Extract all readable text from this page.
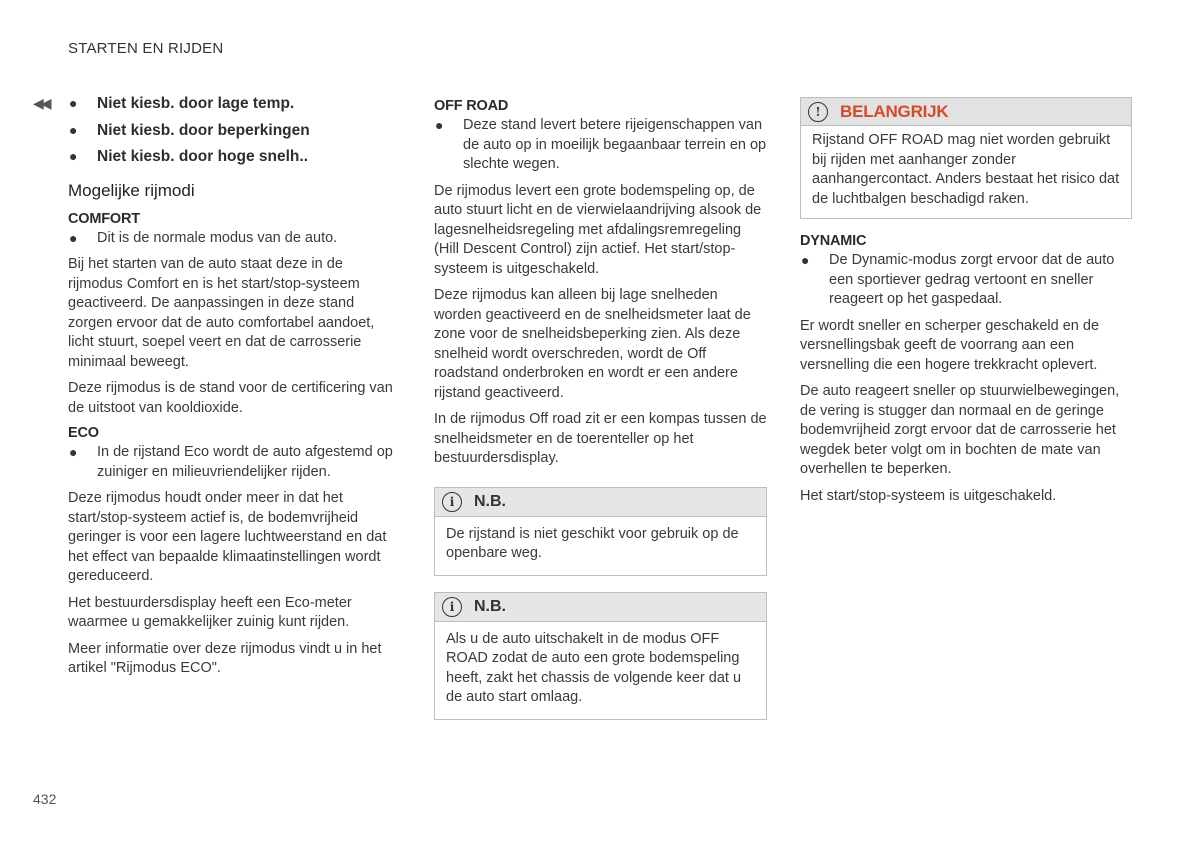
STARTEN EN RIJDEN
◀◀ ●	Niet kiesb. door lage temp.
●	Niet kiesb. door beperkingen
●	Niet kiesb. door hoge snelh..
Mogelijke rijmodi
COMFORT
●	Dit is de normale modus van de auto.

Bij het starten van de auto staat deze in de rijmodus Comfort en is het start/stop-systeem geactiveerd. De aanpassingen in deze stand zorgen ervoor dat de auto comfortabel aandoet, licht stuurt, soepel veert en dat de carrosserie minimaal beweegt.

Deze rijmodus is de stand voor de certificering van de uitstoot van kooldioxide.

ECO
●	In de rijstand Eco wordt de auto afgestemd op zuiniger en milieuvriendelijker rijden.

Deze rijmodus houdt onder meer in dat het start/stop-systeem actief is, de bodemvrijheid geringer is voor een lagere luchtweerstand en dat het effect van bepaalde klimaatinstellingen wordt gereduceerd.

Het bestuurdersdisplay heeft een Eco-meter waarmee u gemakkelijker zuinig kunt rijden.

Meer informatie over deze rijmodus vindt u in het artikel "Rijmodus ECO".

OFF ROAD
●	Deze stand levert betere rijeigenschappen van de auto op in moeilijk begaanbaar terrein en op slechte wegen.

De rijmodus levert een grote bodemspeling op, de auto stuurt licht en de vierwielaandrijving alsook de lagesnelheidsregeling met afdalingsremregeling (Hill Descent Control) zijn actief. Het start/stop-systeem is uitgeschakeld.

Deze rijmodus kan alleen bij lage snelheden worden geactiveerd en de snelheidsmeter laat de zone voor de snelheidsbeperking zien. Als deze snelheid wordt overschreden, wordt de Off roadstand onderbroken en wordt er een andere rijstand geactiveerd.

In de rijmodus Off road zit er een kompas tussen de snelheidsmeter en de toerenteller op het bestuurdersdisplay.

i	N.B.
De rijstand is niet geschikt voor gebruik op de openbare weg.
i	N.B.
Als u de auto uitschakelt in de modus OFF ROAD zodat de auto een grote bodemspeling heeft, zakt het chassis de volgende keer dat u de auto start omlaag.
!	BELANGRIJK
Rijstand OFF ROAD mag niet worden gebruikt bij rijden met aanhanger zonder aanhangercontact. Anders bestaat het risico dat de luchtbalgen beschadigd raken.
DYNAMIC
●	De Dynamic-modus zorgt ervoor dat de auto een sportiever gedrag vertoont en sneller reageert op het gaspedaal.

Er wordt sneller en scherper geschakeld en de versnellingsbak geeft de voorrang aan een versnelling die een hogere trekkracht oplevert.

De auto reageert sneller op stuurwielbewegingen, de vering is stugger dan normaal en de geringe bodemvrijheid zorgt ervoor dat de carrosserie het wegdek beter volgt om in bochten de mate van overhellen te beperken.

Het start/stop-systeem is uitgeschakeld.

432
